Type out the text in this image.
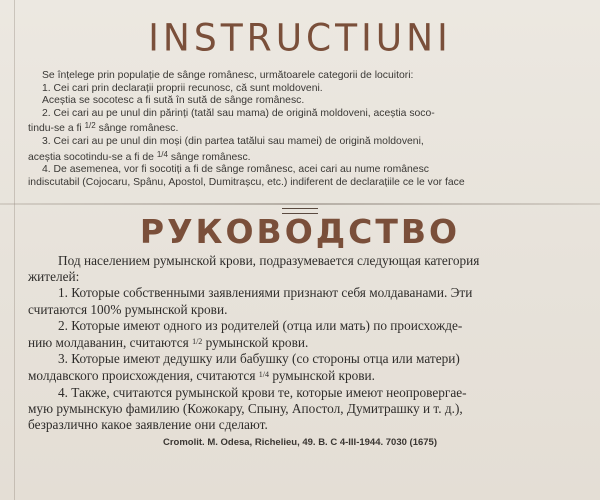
INSTRUCTIUNI

Se înțelege prin populație de sânge românesc, următoarele categorii de locuitori:

1. Cei cari prin declarații proprii recunosc, că sunt moldoveni.

Aceștia se socotesc a fi sută în sută de sânge românesc.

2. Cei cari au pe unul din părinți (tatăl sau mama) de origină moldoveni, aceștia soco-

tindu-se a fi $^{1/2}$ sânge românesc.

3. Cei cari au pe unul din moși (din partea tatălui sau mamei) de origină moldoveni,

aceștia socotindu-se a fi de $^{1/4}$ sânge românesc.

4. De asemenea, vor fi socotiți a fi de sânge românesc, acei cari au nume românesc

indiscutabil (Cojocaru, Spânu, Apostol, Dumitrașcu, etc.) indiferent de declarațiile ce le vor face

РУКОВОДСТВО

Под населением румынской крови, подразумевается следующая категория

жителей:

1. Которые собственными заявлениями признают себя молдаванами. Эти

считаются 100% румынской крови.

2. Которые имеют одного из родителей (отца или мать) по происхожде-

нию молдаванин, считаются $^{1/2}$ румынской крови.

3. Которые имеют дедушку или бабушку (со стороны отца или матери)

молдавского происхождения, считаются $^{1/4}$ румынской крови.

4. Также, считаются румынской крови те, которые имеют неопровергае-

мую румынскую фамилию (Кожокару, Спыну, Апостол, Думитрашку и т. д.),

безразлично какое заявление они сделают.

Cromolit. M. Odesa, Richelieu, 49. B. C 4-III-1944. 7030 (1675)
